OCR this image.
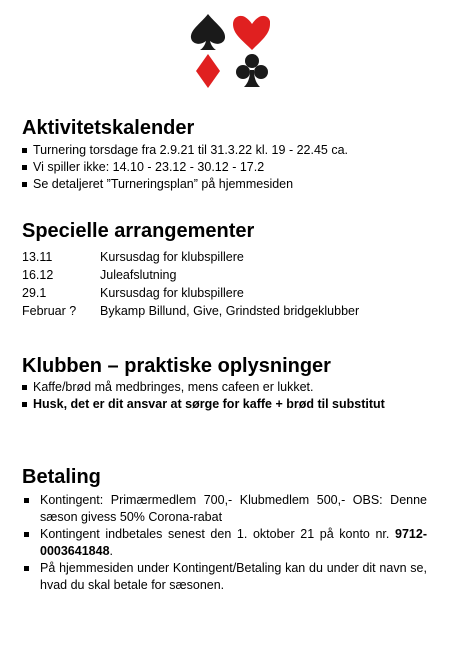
Aktivitetskalender
Turnering torsdage fra 2.9.21 til 31.3.22 kl. 19 - 22.45 ca.
Vi spiller ikke: 14.10 - 23.12 - 30.12 - 17.2
Se detaljeret ”Turneringsplan” på hjemmesiden
Specielle arrangementer
13.11	Kursusdag for klubspillere
16.12	Juleafslutning
29.1	Kursusdag for klubspillere
Februar ?	Bykamp Billund, Give, Grindsted bridgeklubber
Klubben – praktiske oplysninger
Kaffe/brød må medbringes, mens cafeen er lukket.
Husk, det er dit ansvar at sørge for kaffe + brød til substitut
Betaling
Kontingent: Primærmedlem 700,- Klubmedlem 500,- OBS: Denne sæson givess 50% Corona-rabat
Kontingent indbetales senest den 1. oktober 21 på konto nr. 9712-0003641848.
På hjemmesiden under Kontingent/Betaling kan du under dit navn se, hvad du skal betale for sæsonen.
